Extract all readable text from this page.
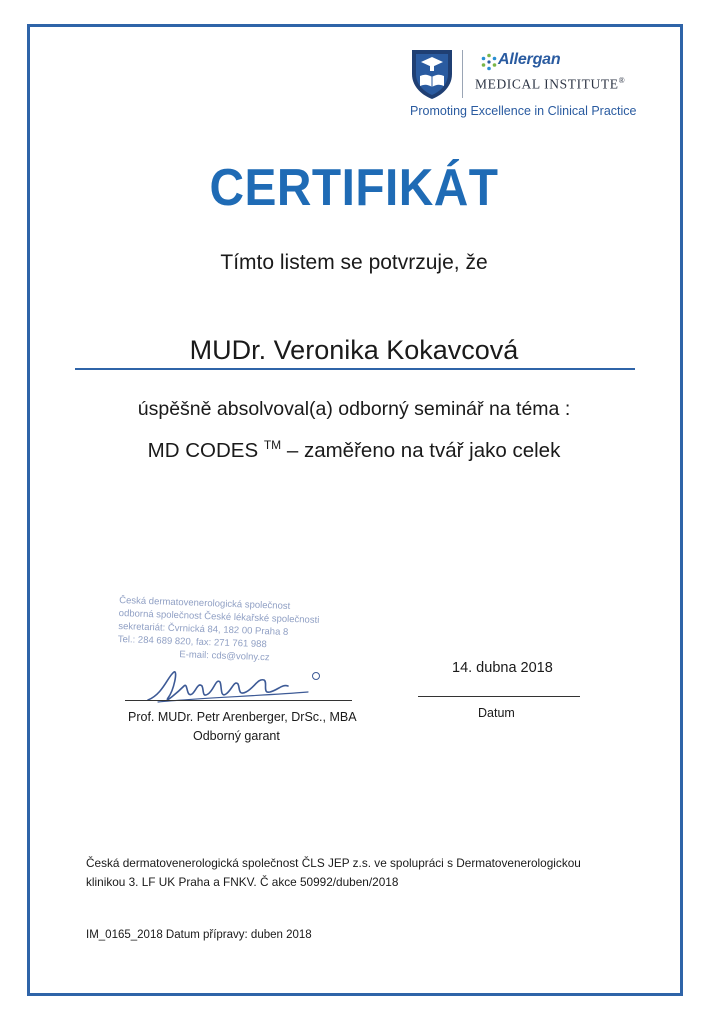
Allergan
MEDICAL INSTITUTE®
Promoting Excellence in Clinical Practice
CERTIFIKÁT
Tímto listem se potvrzuje, že
MUDr. Veronika Kokavcová
úspěšně absolvoval(a) odborný seminář na téma :
MD CODES ™ – zaměřeno na tvář jako celek
Česká dermatovenerologická společnost
odborná společnost České lékařské společnosti
sekretariát: Čvrnická 84, 182 00 Praha 8
Tel.: 284 689 820, fax: 271 761 988
E-mail: cds@volny.cz
Prof. MUDr. Petr Arenberger, DrSc., MBA
Odborný garant
14. dubna 2018
Datum
Česká dermatovenerologická společnost ČLS JEP z.s. ve spolupráci s Dermatovenerologickou
klinikou 3. LF UK Praha a FNKV. Č akce 50992/duben/2018
IM_0165_2018 Datum přípravy: duben 2018
